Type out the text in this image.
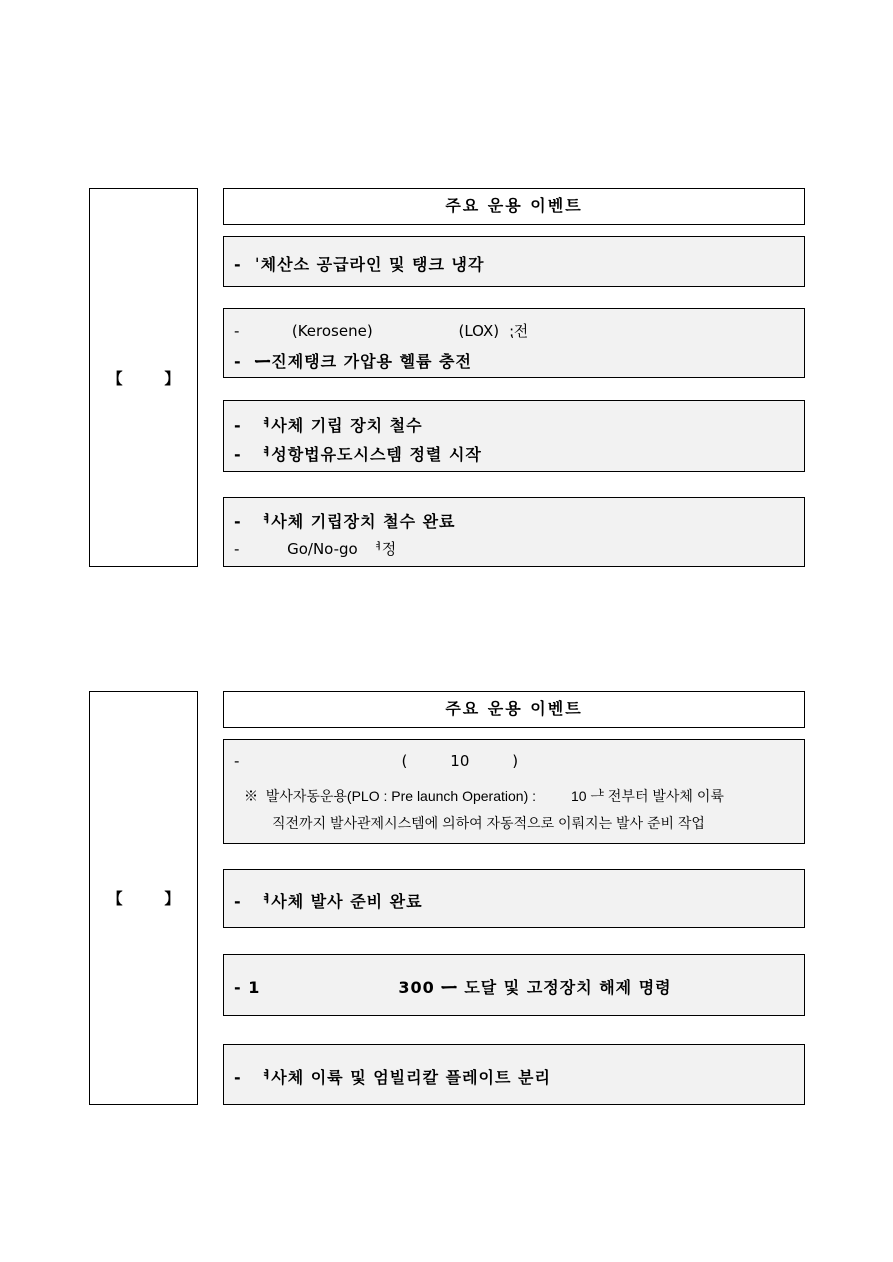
【        】
주요 운용 이벤트
-  ˈ체산소 공급라인 및 탱크 냉각
-           (Kerosene)                  (LOX)  ⁏전
-  ᆖ진제탱크 가압용 헬륨 충전
-  ᅧ사체 기립 장치 철수
-  ᅧ성항법유도시스템 정렬 시작
-  ᅧ사체 기립장치 철수 완료
-          Go/No-go  ᅧ정
【        】
주요 운용 이벤트
-                                  (         10         )
※  발사자동운용(PLO : Pre launch Operation) :         10 ᆣ 전부터 발사체 이륙
직전까지 발사관제시스템에 의하여 자동적으로 이뤄지는 발사 준비 작업
-  ᅧ사체 발사 준비 완료
- 1                     300 ᆖ 도달 및 고정장치 해제 명령
-  ᅧ사체 이륙 및 엄빌리칼 플레이트 분리
